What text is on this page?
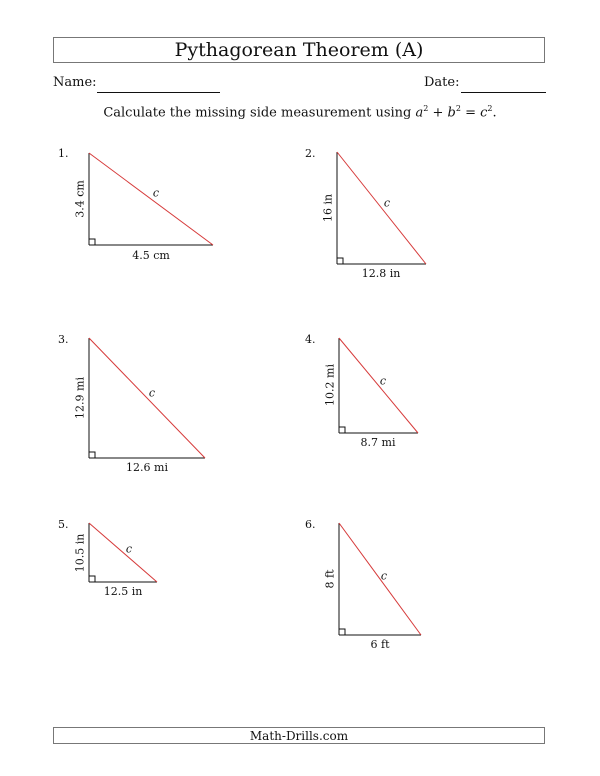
Pythagorean Theorem (A)
Name:	Date:
Calculate the missing side measurement using $a^2 + b^2 = c^2$.
1.
3.4 cm
4.5 cm
c
2.
16 in
12.8 in
c
3.
12.9 mi
12.6 mi
c
4.
10.2 mi
8.7 mi
c
5.
10.5 in
12.5 in
c
6.
8 ft
6 ft
c
Math-Drills.com
